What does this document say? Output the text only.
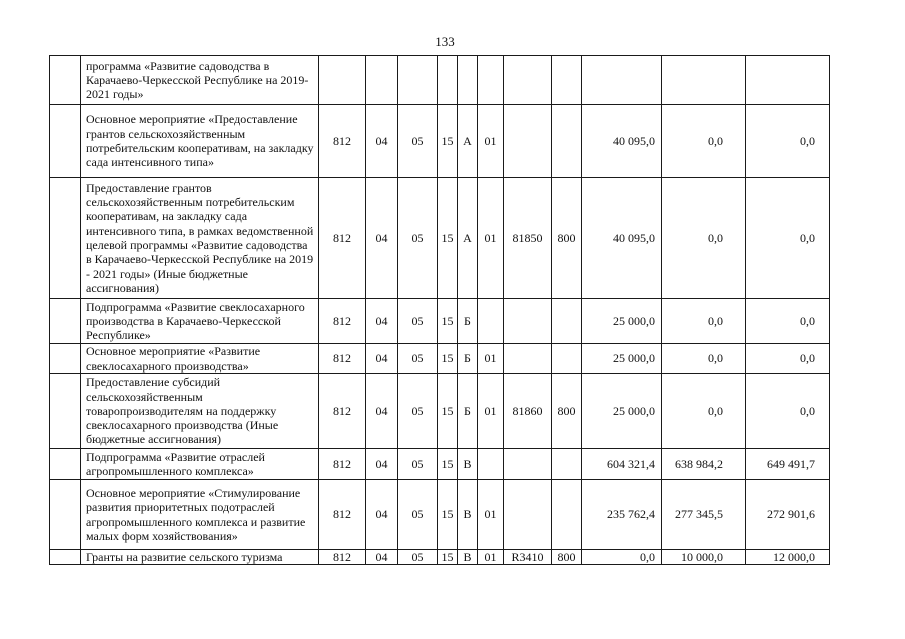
133
	программа «Развитие садоводства в Карачаево-Черкесской Республике на 2019-2021 годы»											
	Основное мероприятие «Предоставление грантов сельскохозяйственным потребительским кооперативам, на закладку сада интенсивного типа»	812	04	05	15	А	01			40 095,0	0,0	0,0
	Предоставление грантов сельскохозяйственным потребительским кооперативам, на закладку сада интенсивного типа, в рамках ведомственной целевой программы «Развитие садоводства в Карачаево-Черкесской Республике на 2019 - 2021 годы» (Иные бюджетные ассигнования)	812	04	05	15	А	01	81850	800	40 095,0	0,0	0,0
	Подпрограмма «Развитие свеклосахарного производства в Карачаево-Черкесской Республике»	812	04	05	15	Б				25 000,0	0,0	0,0
	Основное мероприятие «Развитие свеклосахарного производства»	812	04	05	15	Б	01			25 000,0	0,0	0,0
	Предоставление субсидий сельскохозяйственным товаропроизводителям на поддержку свеклосахарного производства (Иные бюджетные ассигнования)	812	04	05	15	Б	01	81860	800	25 000,0	0,0	0,0
	Подпрограмма «Развитие отраслей агропромышленного комплекса»	812	04	05	15	В				604 321,4	638 984,2	649 491,7
	Основное мероприятие «Стимулирование развития приоритетных подотраслей агропромышленного комплекса и развитие малых форм хозяйствования»	812	04	05	15	В	01			235 762,4	277 345,5	272 901,6
	Гранты на развитие сельского туризма	812	04	05	15	В	01	R3410	800	0,0	10 000,0	12 000,0
